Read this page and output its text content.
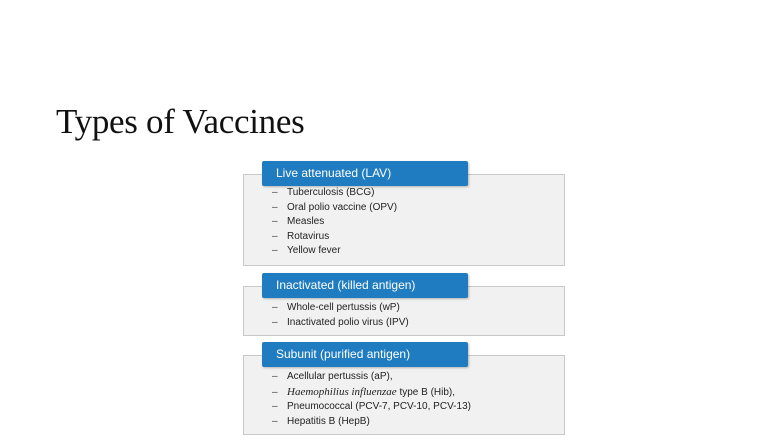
Types of Vaccines
Live attenuated (LAV)
– Tuberculosis (BCG)
– Oral polio vaccine (OPV)
– Measles
– Rotavirus
– Yellow fever
Inactivated (killed antigen)
– Whole-cell pertussis (wP)
– Inactivated polio virus (IPV)
Subunit (purified antigen)
– Acellular pertussis (aP),
– Haemophilius influenzae type B (Hib),
– Pneumococcal (PCV-7, PCV-10, PCV-13)
– Hepatitis B (HepB)
